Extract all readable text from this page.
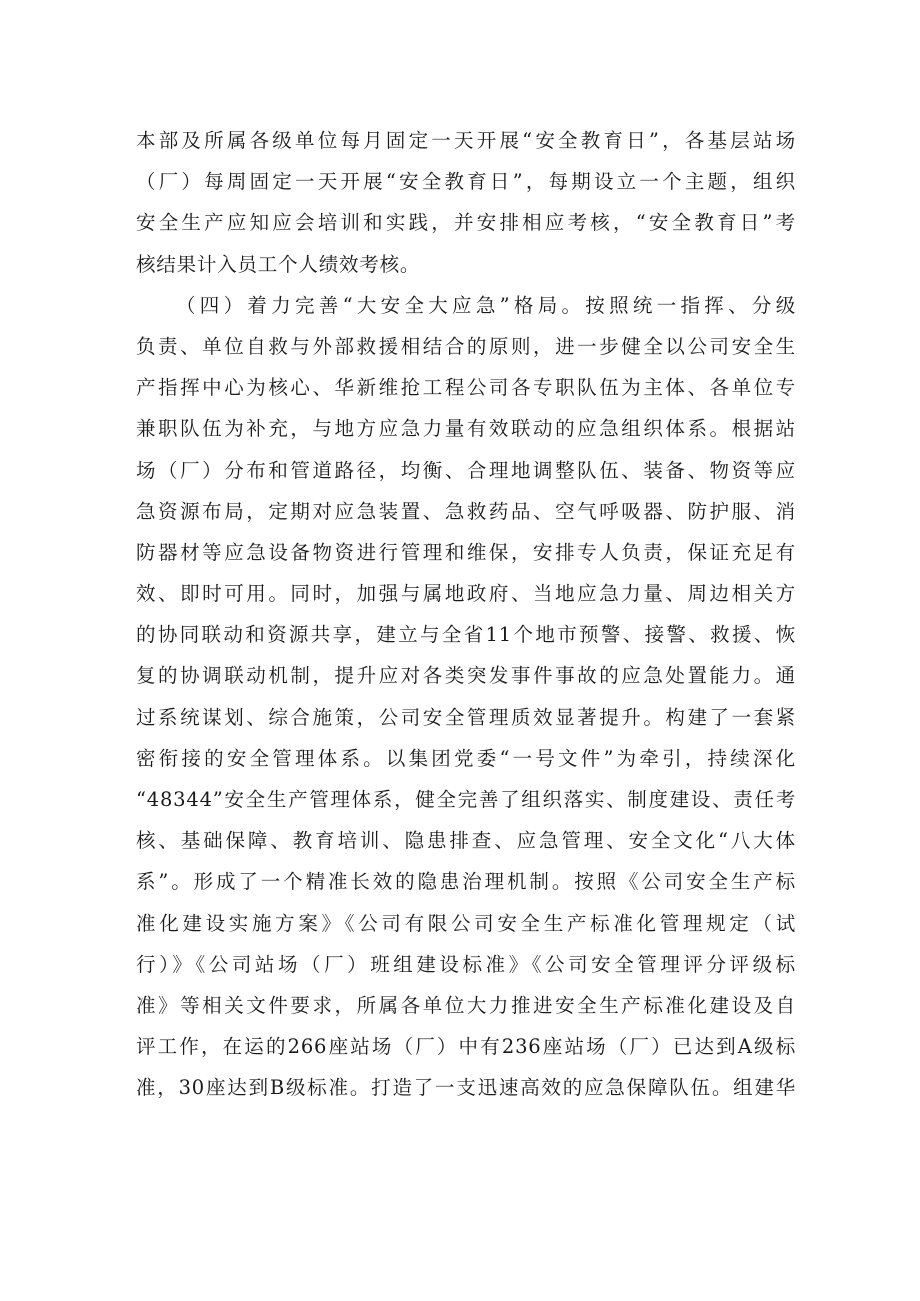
本部及所属各级单位每月固定一天开展“安全教育日”，各基层站场
（厂）每周固定一天开展“安全教育日”，每期设立一个主题，组织
安全生产应知应会培训和实践，并安排相应考核，“安全教育日”考
核结果计入员工个人绩效考核。
（四）着力完善“大安全大应急”格局。按照统一指挥、分级
负责、单位自救与外部救援相结合的原则，进一步健全以公司安全生
产指挥中心为核心、华新维抢工程公司各专职队伍为主体、各单位专
兼职队伍为补充，与地方应急力量有效联动的应急组织体系。根据站
场（厂）分布和管道路径，均衡、合理地调整队伍、装备、物资等应
急资源布局，定期对应急装置、急救药品、空气呼吸器、防护服、消
防器材等应急设备物资进行管理和维保，安排专人负责，保证充足有
效、即时可用。同时，加强与属地政府、当地应急力量、周边相关方
的协同联动和资源共享，建立与全省11个地市预警、接警、救援、恢
复的协调联动机制，提升应对各类突发事件事故的应急处置能力。通
过系统谋划、综合施策，公司安全管理质效显著提升。构建了一套紧
密衔接的安全管理体系。以集团党委“一号文件”为牵引，持续深化
“48344”安全生产管理体系，健全完善了组织落实、制度建设、责任考
核、基础保障、教育培训、隐患排查、应急管理、安全文化“八大体
系”。形成了一个精准长效的隐患治理机制。按照《公司安全生产标
准化建设实施方案》《公司有限公司安全生产标准化管理规定（试
行）》《公司站场（厂）班组建设标准》《公司安全管理评分评级标
准》等相关文件要求，所属各单位大力推进安全生产标准化建设及自
评工作，在运的266座站场（厂）中有236座站场（厂）已达到A级标
准，30座达到B级标准。打造了一支迅速高效的应急保障队伍。组建华
